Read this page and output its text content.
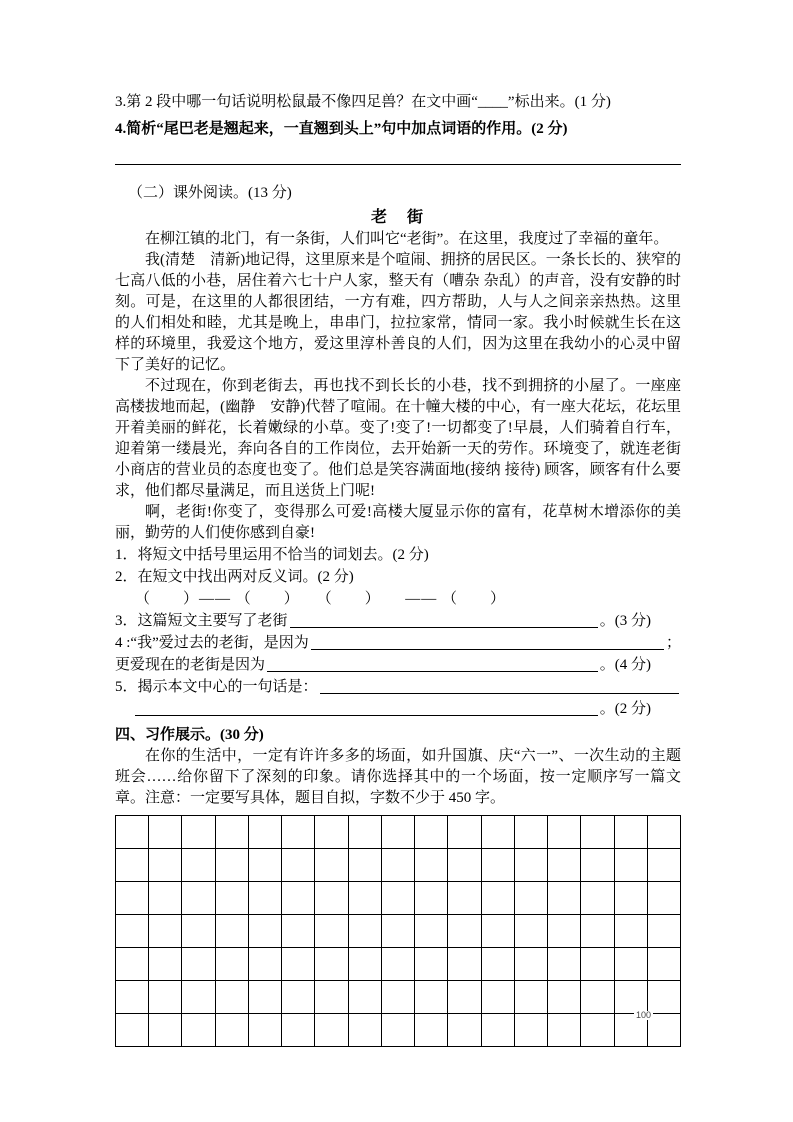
3.第 2 段中哪一句话说明松鼠最不像四足兽？在文中画“____”标出来。(1 分)
4.简析“尾巴老是翘起来，一直翘到头上”句中加点词语的作用。(2 分)
（二）课外阅读。(13 分)
老　街
在柳江镇的北门，有一条街，人们叫它“老街”。在这里，我度过了幸福的童年。
我(清楚　清新)地记得，这里原来是个喧闹、拥挤的居民区。一条长长的、狭窄的七高八低的小巷，居住着六七十户人家，整天有（嘈杂 杂乱）的声音，没有安静的时刻。可是，在这里的人都很团结，一方有难，四方帮助，人与人之间亲亲热热。这里的人们相处和睦，尤其是晚上，串串门，拉拉家常，情同一家。我小时候就生长在这样的环境里，我爱这个地方，爱这里淳朴善良的人们，因为这里在我幼小的心灵中留下了美好的记忆。
不过现在，你到老街去，再也找不到长长的小巷，找不到拥挤的小屋了。一座座高楼拔地而起，(幽静　安静)代替了喧闹。在十幢大楼的中心，有一座大花坛，花坛里开着美丽的鲜花，长着嫩绿的小草。变了!变了!一切都变了!早晨，人们骑着自行车，迎着第一缕晨光，奔向各自的工作岗位，去开始新一天的劳作。环境变了，就连老街小商店的营业员的态度也变了。他们总是笑容满面地(接纳 接待) 顾客，顾客有什么要求，他们都尽量满足，而且送货上门呢!
啊，老街!你变了，变得那么可爱!高楼大厦显示你的富有，花草树木增添你的美丽，勤劳的人们使你感到自豪!
1．将短文中括号里运用不恰当的词划去。(2 分)
2．在短文中找出两对反义词。(2 分)
（　　）—— （　　）　　（　　）　　—— （　　）
3．这篇短文主要写了老街	。(3 分)
4 :“我”爱过去的老街，是因为	；
更爱现在的老街是因为	。(4 分)
5．揭示本文中心的一句话是：
。(2 分)
四、习作展示。(30 分)
在你的生活中，一定有许许多多的场面，如升国旗、庆“六一”、一次生动的主题班会……给你留下了深刻的印象。请你选择其中的一个场面，按一定顺序写一篇文章。注意：一定要写具体，题目自拟，字数不少于 450 字。
100
